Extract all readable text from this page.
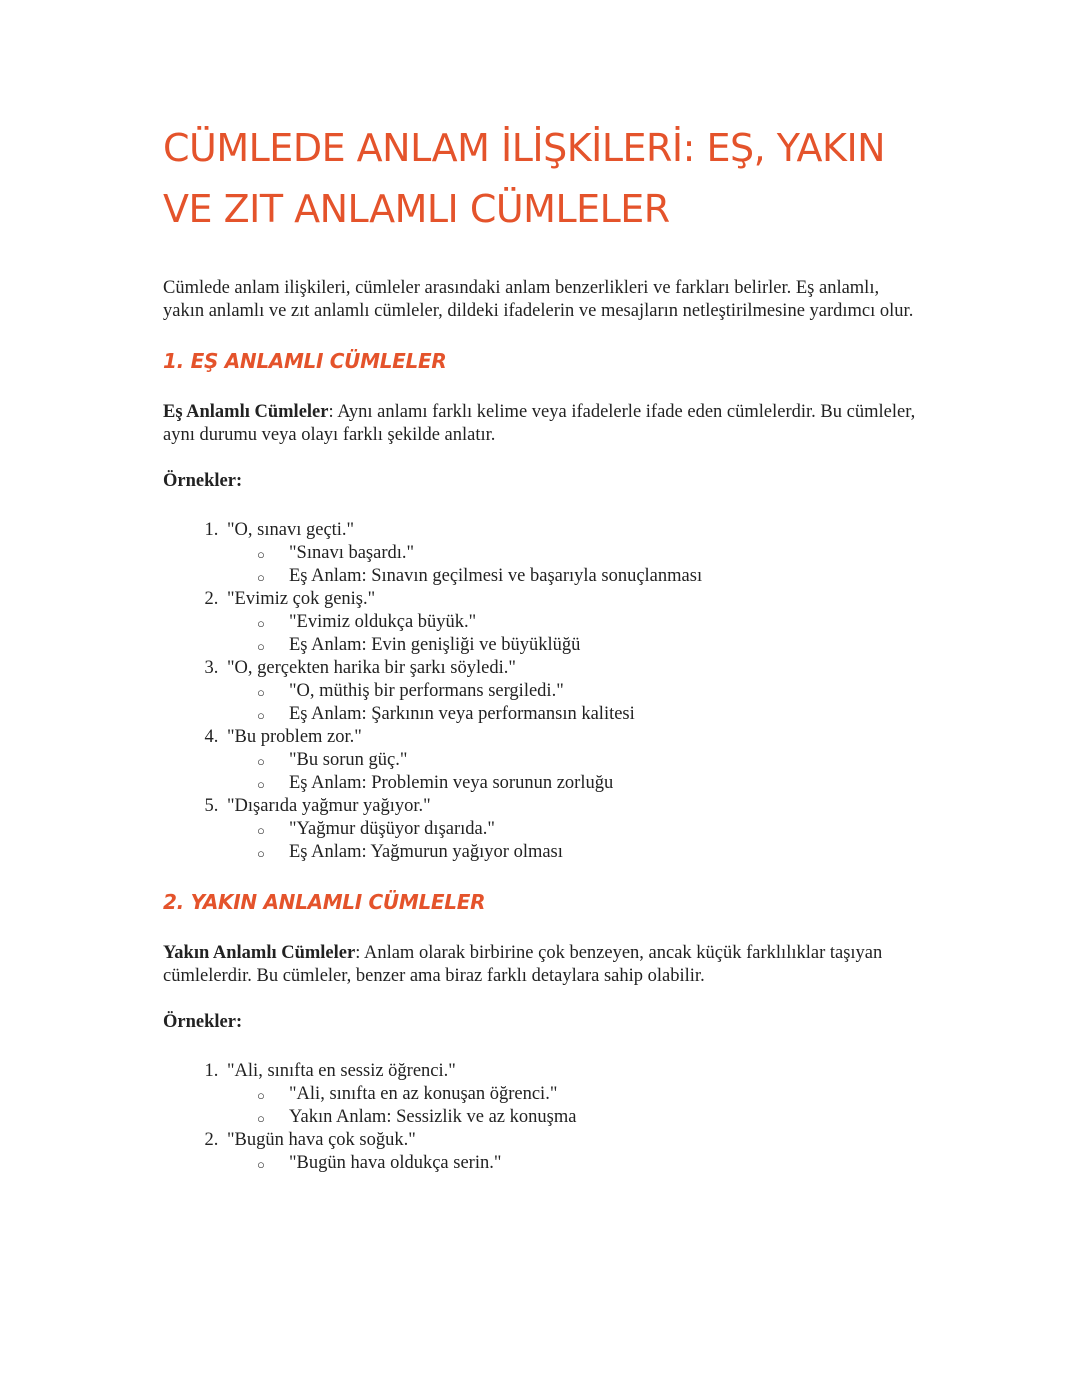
CÜMLEDE ANLAM İLİŞKİLERİ: EŞ, YAKIN VE ZIT ANLAMLI CÜMLELER

Cümlede anlam ilişkileri, cümleler arasındaki anlam benzerlikleri ve farkları belirler. Eş anlamlı, yakın anlamlı ve zıt anlamlı cümleler, dildeki ifadelerin ve mesajların netleştirilmesine yardımcı olur.

1. EŞ ANLAMLI CÜMLELER

Eş Anlamlı Cümleler: Aynı anlamı farklı kelime veya ifadelerle ifade eden cümlelerdir. Bu cümleler, aynı durumu veya olayı farklı şekilde anlatır.

Örnekler:

1. "O, sınavı geçti."
○ "Sınavı başardı."
○ Eş Anlam: Sınavın geçilmesi ve başarıyla sonuçlanması
2. "Evimiz çok geniş."
○ "Evimiz oldukça büyük."
○ Eş Anlam: Evin genişliği ve büyüklüğü
3. "O, gerçekten harika bir şarkı söyledi."
○ "O, müthiş bir performans sergiledi."
○ Eş Anlam: Şarkının veya performansın kalitesi
4. "Bu problem zor."
○ "Bu sorun güç."
○ Eş Anlam: Problemin veya sorunun zorluğu
5. "Dışarıda yağmur yağıyor."
○ "Yağmur düşüyor dışarıda."
○ Eş Anlam: Yağmurun yağıyor olması
2. YAKIN ANLAMLI CÜMLELER

Yakın Anlamlı Cümleler: Anlam olarak birbirine çok benzeyen, ancak küçük farklılıklar taşıyan cümlelerdir. Bu cümleler, benzer ama biraz farklı detaylara sahip olabilir.

Örnekler:

1. "Ali, sınıfta en sessiz öğrenci."
○ "Ali, sınıfta en az konuşan öğrenci."
○ Yakın Anlam: Sessizlik ve az konuşma
2. "Bugün hava çok soğuk."
○ "Bugün hava oldukça serin."
